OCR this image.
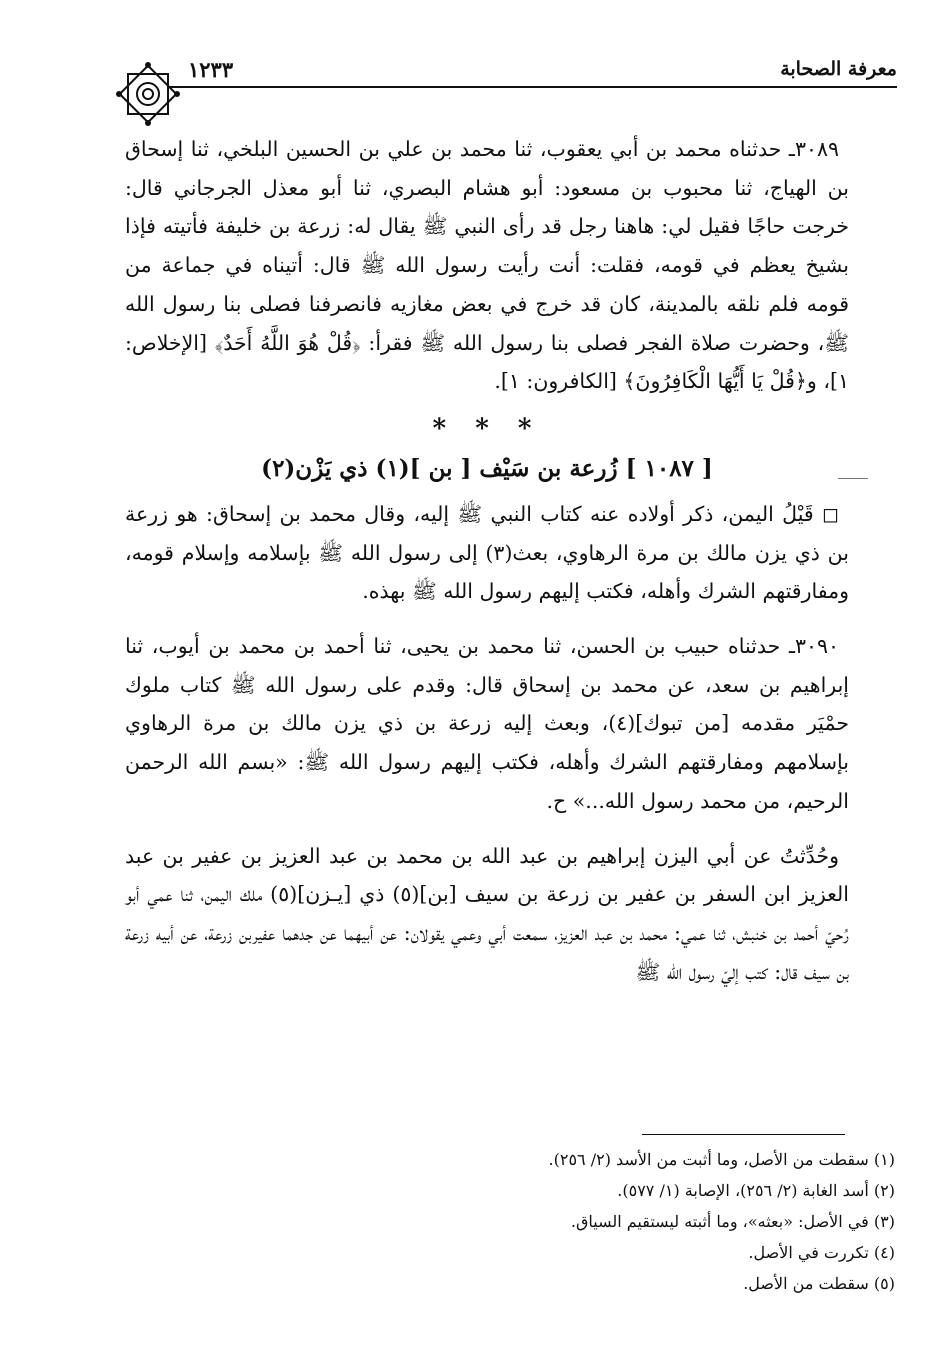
معرفة الصحابة
١٢٣٣

٣٠٨٩ـ حدثناه محمد بن أبي يعقوب، ثنا محمد بن علي بن الحسين البلخي، ثنا إسحاق بن الهياج، ثنا محبوب بن مسعود: أبو هشام البصري، ثنا أبو معذل الجرجاني قال: خرجت حاجًا فقيل لي: هاهنا رجل قد رأى النبي ﷺ يقال له: زرعة بن خليفة فأتيته فإذا بشيخ يعظم في قومه، فقلت: أنت رأيت رسول الله ﷺ قال: أتيناه في جماعة من قومه فلم نلقه بالمدينة، كان قد خرج في بعض مغازيه فانصرفنا فصلى بنا رسول الله ﷺ، وحضرت صلاة الفجر فصلى بنا رسول الله ﷺ فقرأ: ﴿قُلْ هُوَ اللَّهُ أَحَدٌ﴾ [الإخلاص: ١]، و﴿قُلْ يَا أَيُّهَا الْكَافِرُونَ﴾ [الكافرون: ١].

* * *
[ ١٠٨٧ ] زُرعة بن سَيْف [ بن ](١) ذي يَزْن(٢)

◻ قَيْلُ اليمن، ذكر أولاده عنه كتاب النبي ﷺ إليه، وقال محمد بن إسحاق: هو زرعة بن ذي يزن مالك بن مرة الرهاوي، بعث(٣) إلى رسول الله ﷺ بإسلامه وإسلام قومه، ومفارقتهم الشرك وأهله، فكتب إليهم رسول الله ﷺ بهذه.

٣٠٩٠ـ حدثناه حبيب بن الحسن، ثنا محمد بن يحيى، ثنا أحمد بن محمد بن أيوب، ثنا إبراهيم بن سعد، عن محمد بن إسحاق قال: وقدم على رسول الله ﷺ كتاب ملوك حمْيَر مقدمه [من تبوك](٤)، وبعث إليه زرعة بن ذي يزن مالك بن مرة الرهاوي بإسلامهم ومفارقتهم الشرك وأهله، فكتب إليهم رسول الله ﷺ: «بسم الله الرحمن الرحيم، من محمد رسول الله...» ح.

وحُدِّثتُ عن أبي اليزن إبراهيم بن عبد الله بن محمد بن عبد العزيز بن عفير بن عبد العزيز ابن السفر بن عفير بن زرعة بن سيف [بن](٥) ذي [يـزن](٥) ملك اليمن، ثنا عمي أبو رُحيّ أحمد بن خنبش، ثنا عمي: محمد بن عبد العزيز، سمعت أبي وعمي يقولان: عن أبيهما عن جدهما عفيربن زرعة، عن أبيه زرعة بن سيف قال: كتب إليّ رسول الله ﷺ

(١) سقطت من الأصل، وما أثبت من الأسد (٢/ ٢٥٦).
(٢) أسد الغابة (٢/ ٢٥٦)، الإصابة (١/ ٥٧٧).
(٣) في الأصل: «بعثه»، وما أثبته ليستقيم السياق.
(٤) تكررت في الأصل.
(٥) سقطت من الأصل.
